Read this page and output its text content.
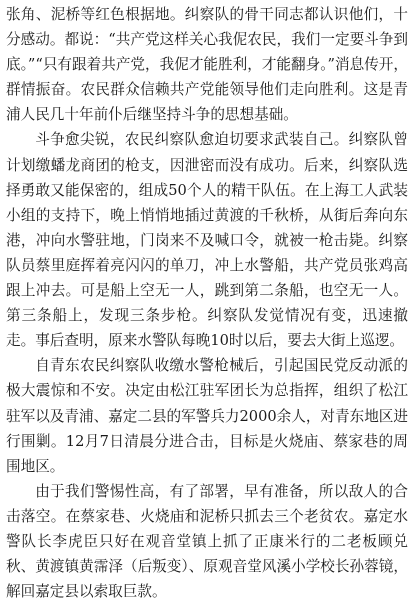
张角、泥桥等红色根据地。纠察队的骨干同志都认识他们，十分感动。都说：“共产党这样关心我伲农民，我们一定要斗争到底。”“只有跟着共产党，我伲才能胜利，才能翻身。”消息传开，群情振奋。农民群众信赖共产党能领导他们走向胜利。这是青浦人民几十年前仆后继坚持斗争的思想基础。

斗争愈尖锐，农民纠察队愈迫切要求武装自己。纠察队曾计划缴蟠龙商团的枪支，因泄密而没有成功。后来，纠察队选择勇敢又能保密的，组成50个人的精干队伍。在上海工人武装小组的支持下，晚上悄悄地插过黄渡的千秋桥，从街后奔向东港，冲向水警驻地，门岗来不及喊口令，就被一枪击毙。纠察队员蔡里庭挥着亮闪闪的单刀，冲上水警船，共产党员张鸡高跟上冲去。可是船上空无一人，跳到第二条船，也空无一人。第三条船上，发现三条步枪。纠察队发觉情况有变，迅速撤走。事后查明，原来水警队每晚10时以后，要去大街上巡逻。

自青东农民纠察队收缴水警枪械后，引起国民党反动派的极大震惊和不安。决定由松江驻军团长为总指挥，组织了松江驻军以及青浦、嘉定二县的军警兵力2000余人，对青东地区进行围剿。12月7日清晨分进合击，目标是火烧庙、蔡家巷的周围地区。

由于我们警惕性高，有了部署，早有准备，所以敌人的合击落空。在蔡家巷、火烧庙和泥桥只抓去三个老贫农。嘉定水警队长李虎臣只好在观音堂镇上抓了正康米行的二老板顾兑秋、黄渡镇黄霈泽（后叛变）、原观音堂风溪小学校长孙蓉镜，解回嘉定县以索取巨款。
